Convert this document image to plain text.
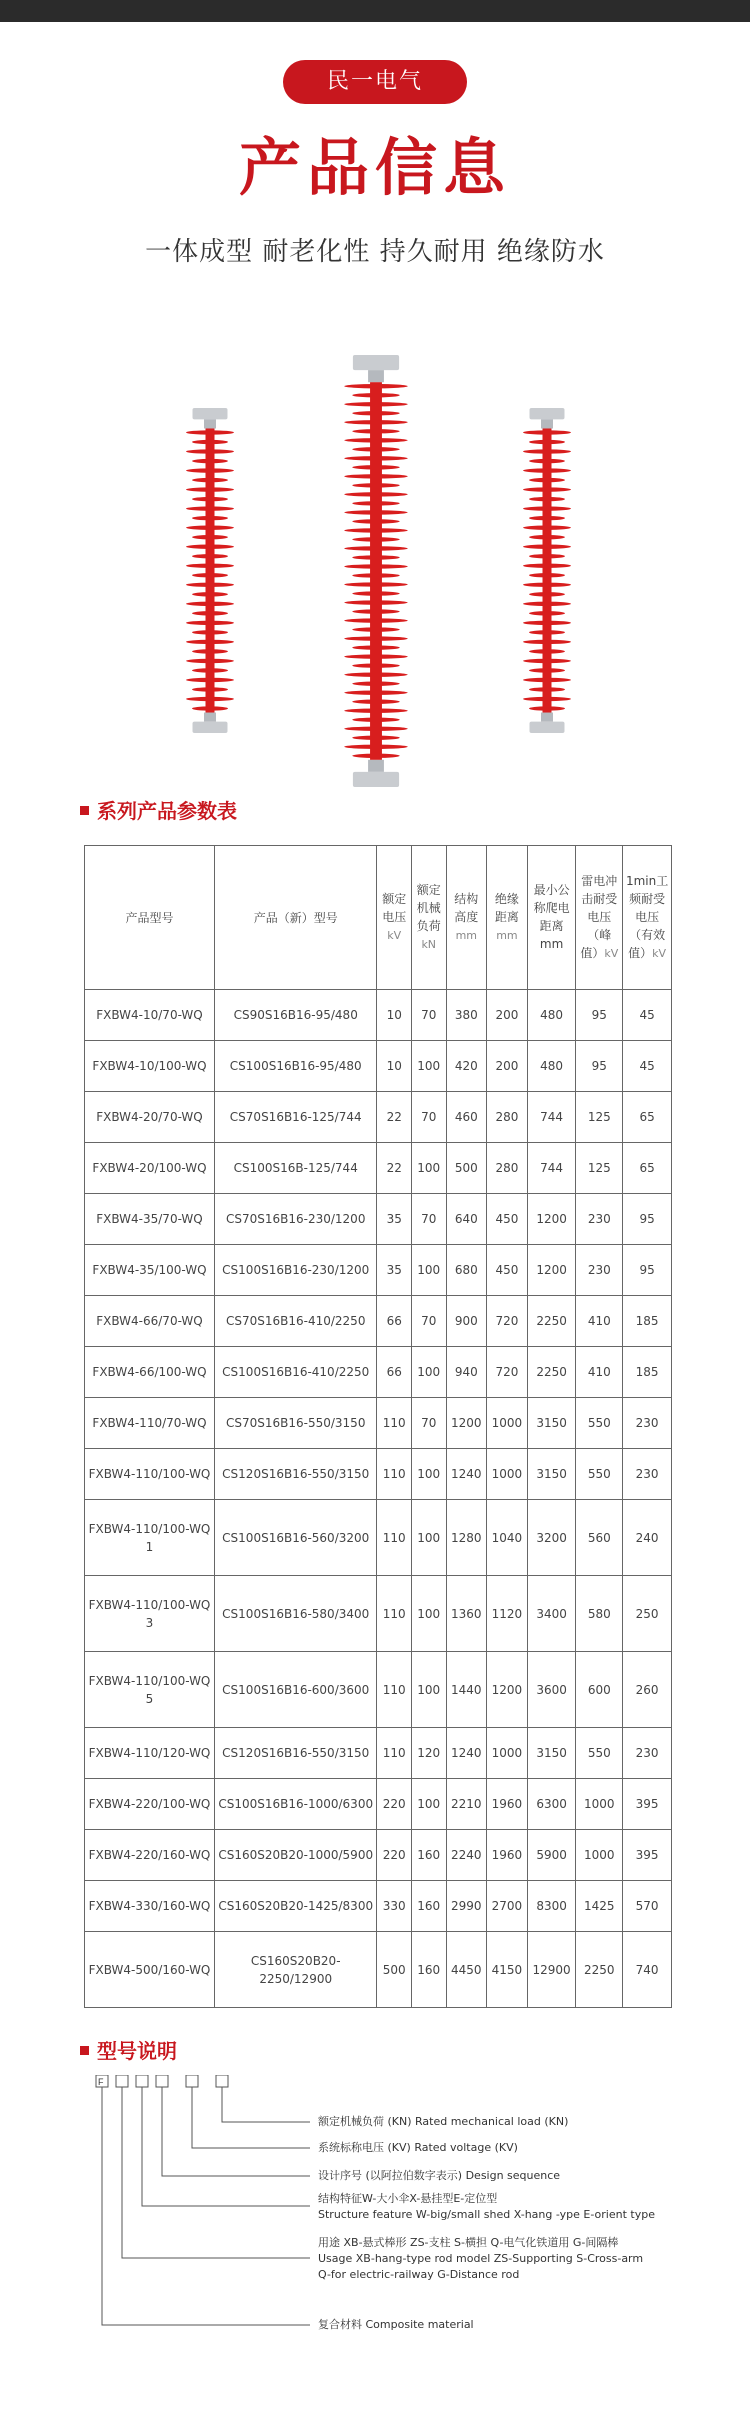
民一电气
产品信息
一体成型 耐老化性 持久耐用 绝缘防水
系列产品参数表
产品型号	产品（新）型号	额定电压kV	额定机械负荷kN	结构高度mm	绝缘距离mm	最小公称爬电距离mm	雷电冲击耐受电压（峰值）kV	1min工频耐受电压（有效值）kV
FXBW4-10/70-WQ	CS90S16B16-95/480	10	70	380	200	480	95	45
FXBW4-10/100-WQ	CS100S16B16-95/480	10	100	420	200	480	95	45
FXBW4-20/70-WQ	CS70S16B16-125/744	22	70	460	280	744	125	65
FXBW4-20/100-WQ	CS100S16B-125/744	22	100	500	280	744	125	65
FXBW4-35/70-WQ	CS70S16B16-230/1200	35	70	640	450	1200	230	95
FXBW4-35/100-WQ	CS100S16B16-230/1200	35	100	680	450	1200	230	95
FXBW4-66/70-WQ	CS70S16B16-410/2250	66	70	900	720	2250	410	185
FXBW4-66/100-WQ	CS100S16B16-410/2250	66	100	940	720	2250	410	185
FXBW4-110/70-WQ	CS70S16B16-550/3150	110	70	1200	1000	3150	550	230
FXBW4-110/100-WQ	CS120S16B16-550/3150	110	100	1240	1000	3150	550	230
FXBW4-110/100-WQ1	CS100S16B16-560/3200	110	100	1280	1040	3200	560	240
FXBW4-110/100-WQ3	CS100S16B16-580/3400	110	100	1360	1120	3400	580	250
FXBW4-110/100-WQ5	CS100S16B16-600/3600	110	100	1440	1200	3600	600	260
FXBW4-110/120-WQ	CS120S16B16-550/3150	110	120	1240	1000	3150	550	230
FXBW4-220/100-WQ	CS100S16B16-1000/6300	220	100	2210	1960	6300	1000	395
FXBW4-220/160-WQ	CS160S20B20-1000/5900	220	160	2240	1960	5900	1000	395
FXBW4-330/160-WQ	CS160S20B20-1425/8300	330	160	2990	2700	8300	1425	570
FXBW4-500/160-WQ	CS160S20B20-2250/12900	500	160	4450	4150	12900	2250	740
型号说明
F
额定机械负荷 (KN) Rated mechanical load (KN)
系统标称电压 (KV) Rated voltage (KV)
设计序号 (以阿拉伯数字表示) Design sequence
结构特征W-大小伞X-悬挂型E-定位型
Structure feature W-big/small shed X-hang -ype E-orient type
用途 XB-悬式棒形 ZS-支柱 S-横担 Q-电气化铁道用 G-间隔棒
Usage XB-hang-type rod model ZS-Supporting S-Cross-arm
Q-for electric-railway G-Distance rod
复合材料 Composite material
